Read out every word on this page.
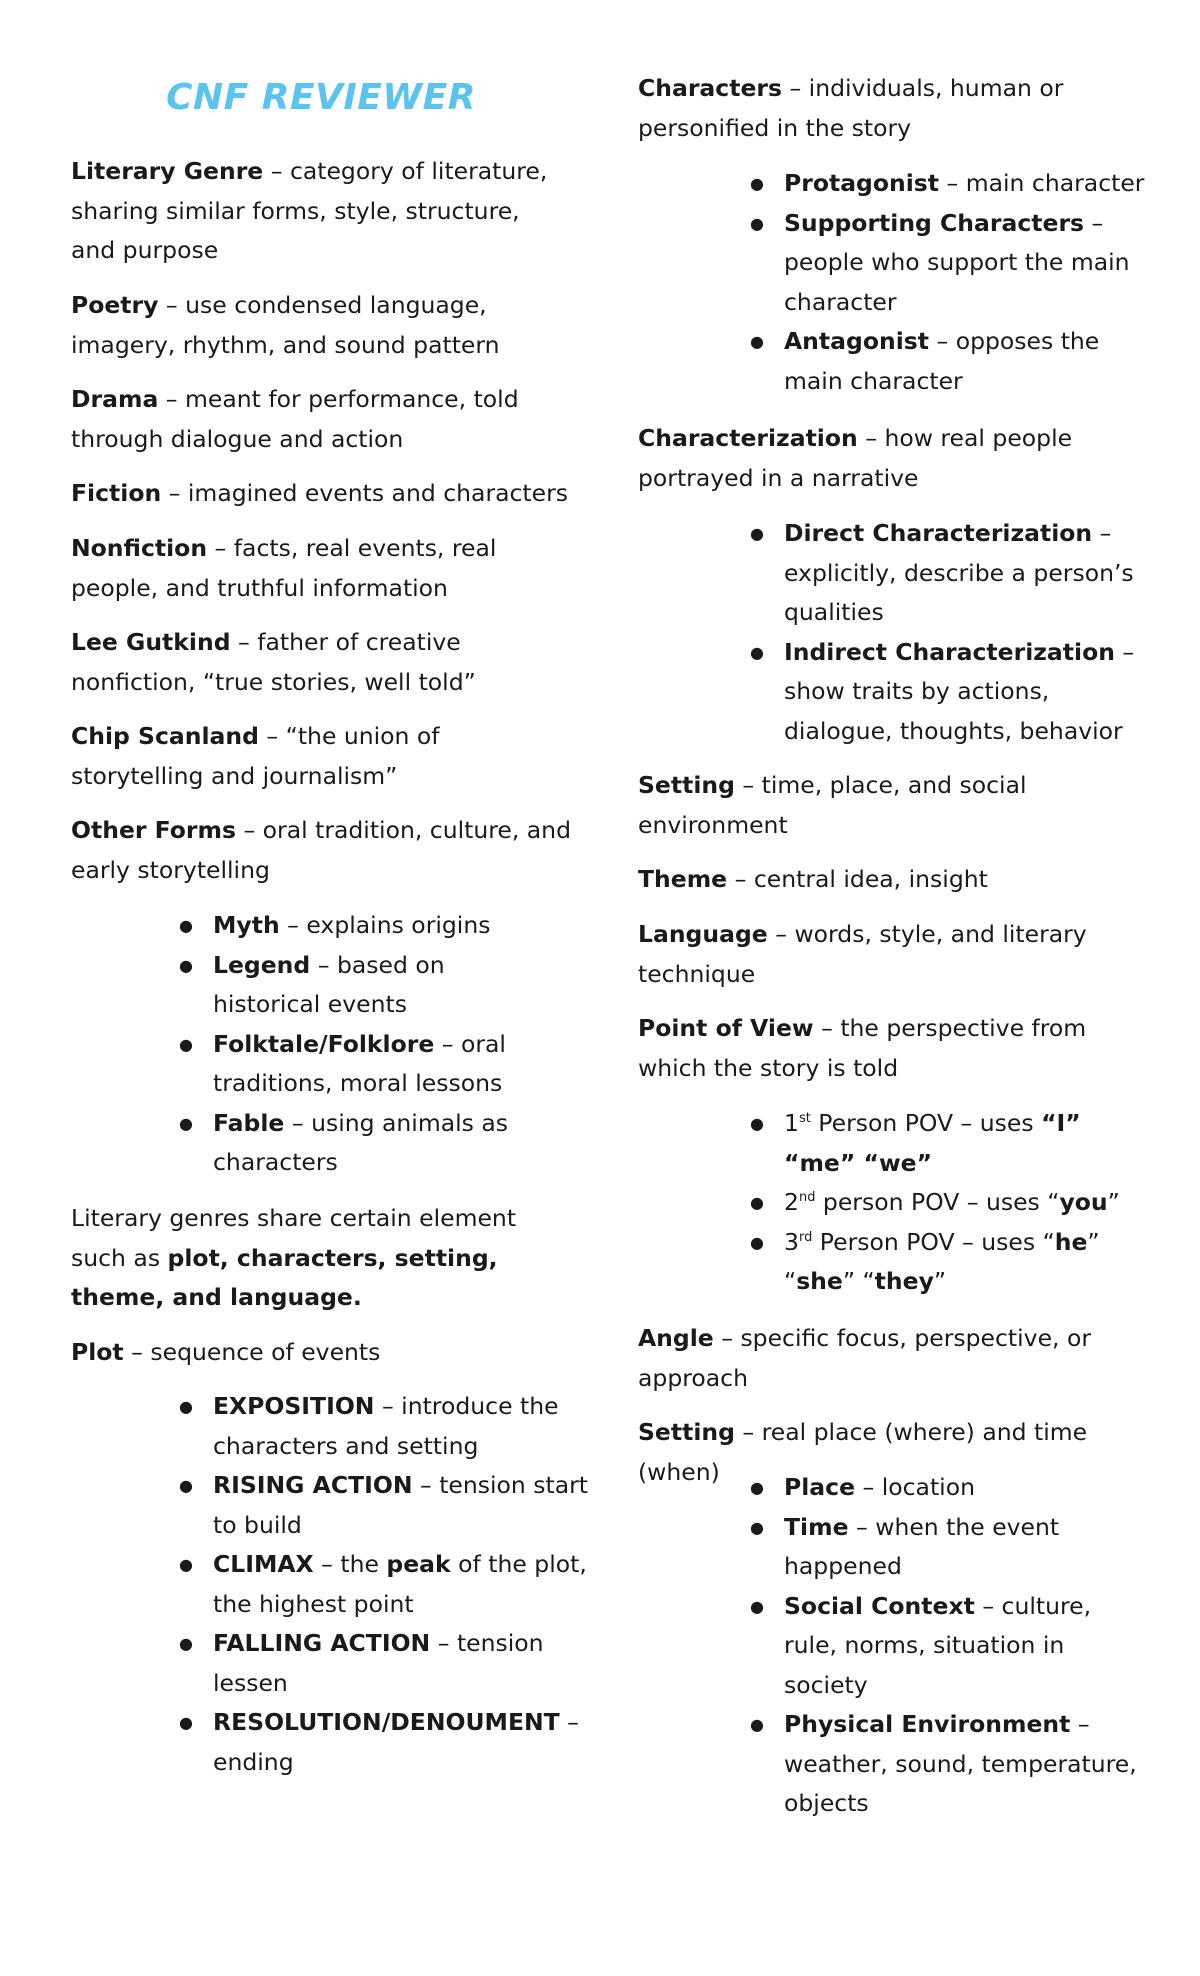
CNF REVIEWER

Literary Genre – category of literature, sharing similar forms, style, structure, and purpose

Poetry – use condensed language, imagery, rhythm, and sound pattern

Drama – meant for performance, told through dialogue and action

Fiction – imagined events and characters

Nonfiction – facts, real events, real people, and truthful information

Lee Gutkind – father of creative nonfiction, “true stories, well told”

Chip Scanland – “the union of storytelling and journalism”

Other Forms – oral tradition, culture, and early storytelling

● Myth – explains origins
● Legend – based on historical events
● Folktale/Folklore – oral traditions, moral lessons
● Fable – using animals as characters

Literary genres share certain element such as plot, characters, setting, theme, and language.

Plot – sequence of events

● EXPOSITION – introduce the characters and setting
● RISING ACTION – tension start to build
● CLIMAX – the peak of the plot, the highest point
● FALLING ACTION – tension lessen
● RESOLUTION/DENOUMENT – ending

Characters – individuals, human or personified in the story

● Protagonist – main character
● Supporting Characters – people who support the main character
● Antagonist – opposes the main character

Characterization – how real people portrayed in a narrative

● Direct Characterization – explicitly, describe a person’s qualities
● Indirect Characterization – show traits by actions, dialogue, thoughts, behavior

Setting – time, place, and social environment

Theme – central idea, insight

Language – words, style, and literary technique

Point of View – the perspective from which the story is told

● 1st Person POV – uses “I” “me” “we”
● 2nd person POV – uses “you”
● 3rd Person POV – uses “he” “she” “they”

Angle – specific focus, perspective, or approach

Setting – real place (where) and time (when)

● Place – location
● Time – when the event happened
● Social Context – culture, rule, norms, situation in society
● Physical Environment – weather, sound, temperature, objects
